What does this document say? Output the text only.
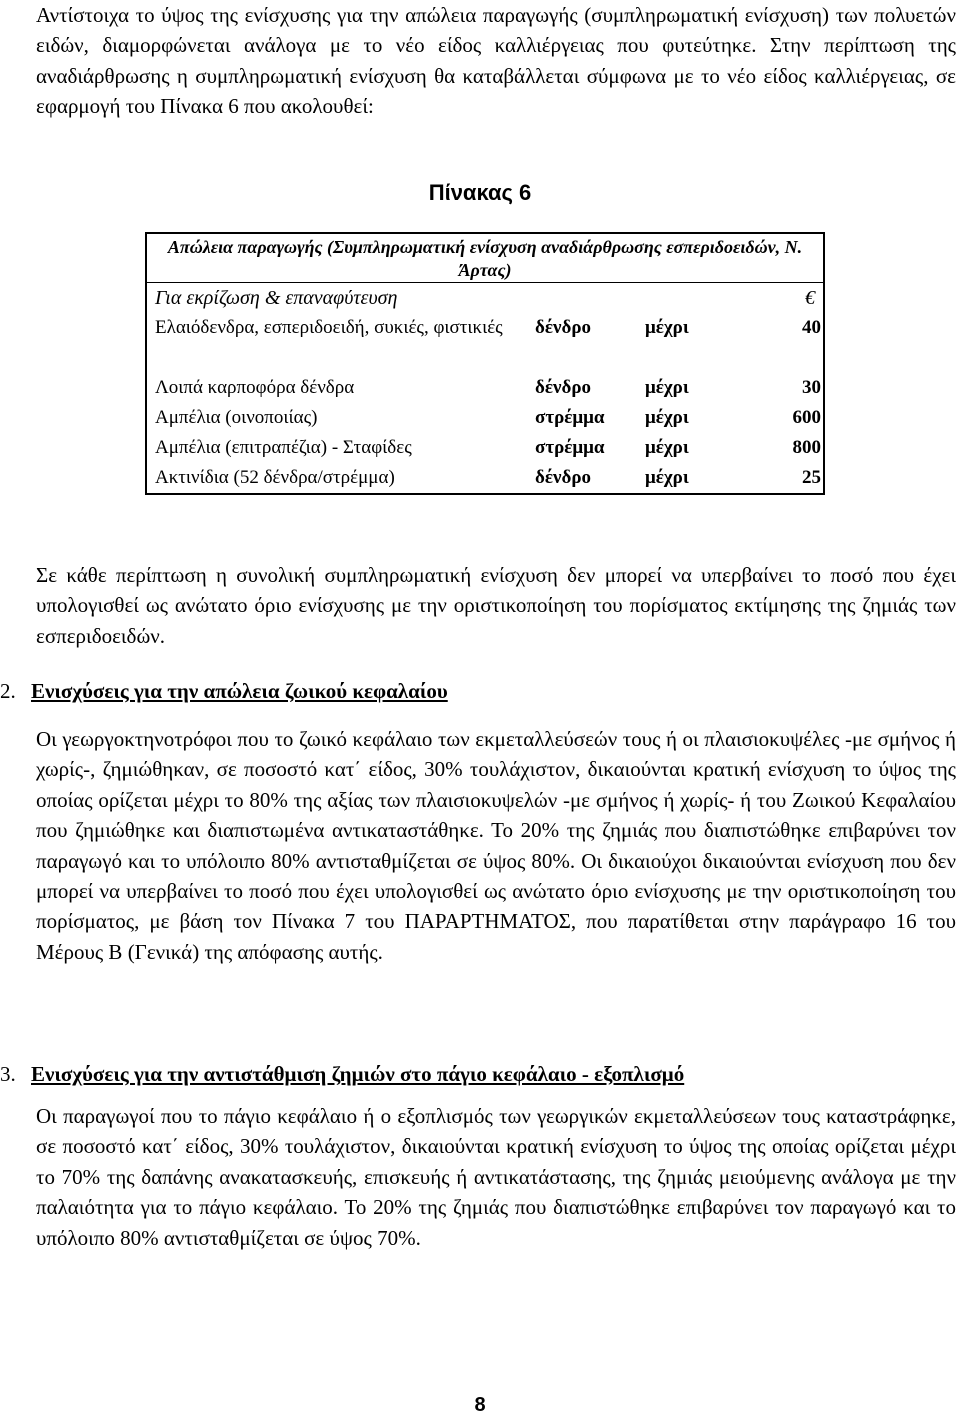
Αντίστοιχα το ύψος της ενίσχυσης για την απώλεια παραγωγής (συμπληρωματική ενίσχυση) των πολυετών ειδών, διαμορφώνεται ανάλογα με το νέο είδος καλλιέργειας που φυτεύτηκε. Στην περίπτωση της αναδιάρθρωσης η συμπληρωματική ενίσχυση θα καταβάλλεται σύμφωνα με το νέο είδος καλλιέργειας, σε εφαρμογή του Πίνακα 6 που ακολουθεί:

Πίνακας 6
Απώλεια παραγωγής (Συμπληρωματική ενίσχυση αναδιάρθρωσης εσπεριδοειδών, Ν. Άρτας)
Για εκρίζωση & επαναφύτευση	€
Ελαιόδενδρα, εσπεριδοειδή, συκιές, φιστικιές	δένδρο	μέχρι	40
Λοιπά καρποφόρα δένδρα	δένδρο	μέχρι	30
Αμπέλια (οινοποιίας)	στρέμμα	μέχρι	600
Αμπέλια (επιτραπέζια) - Σταφίδες	στρέμμα	μέχρι	800
Ακτινίδια (52 δένδρα/στρέμμα)	δένδρο	μέχρι	25

Σε κάθε περίπτωση η συνολική συμπληρωματική ενίσχυση δεν μπορεί να υπερβαίνει το ποσό που έχει υπολογισθεί ως ανώτατο όριο ενίσχυσης με την οριστικοποίηση του πορίσματος εκτίμησης της ζημιάς των εσπεριδοειδών.

2. Ενισχύσεις για την απώλεια ζωικού κεφαλαίου

Οι γεωργοκτηνοτρόφοι που το ζωικό κεφάλαιο των εκμεταλλεύσεών τους ή οι πλαισιοκυψέλες -με σμήνος ή χωρίς-, ζημιώθηκαν, σε ποσοστό κατ΄ είδος, 30% τουλάχιστον, δικαιούνται κρατική ενίσχυση το ύψος της οποίας ορίζεται μέχρι το 80% της αξίας των πλαισιοκυψελών -με σμήνος ή χωρίς- ή του Ζωικού Κεφαλαίου που ζημιώθηκε και διαπιστωμένα αντικαταστάθηκε. Το 20% της ζημιάς που διαπιστώθηκε επιβαρύνει τον παραγωγό και το υπόλοιπο 80% αντισταθμίζεται σε ύψος 80%. Οι δικαιούχοι δικαιούνται ενίσχυση που δεν μπορεί να υπερβαίνει το ποσό που έχει υπολογισθεί ως ανώτατο όριο ενίσχυσης με την οριστικοποίηση του πορίσματος, με βάση τον Πίνακα 7 του ΠΑΡΑΡΤΗΜΑΤΟΣ, που παρατίθεται στην παράγραφο 16 του Μέρους Β (Γενικά) της απόφασης αυτής.

3. Ενισχύσεις για την αντιστάθμιση ζημιών στο πάγιο κεφάλαιο - εξοπλισμό

Οι παραγωγοί που το πάγιο κεφάλαιο ή ο εξοπλισμός των γεωργικών εκμεταλλεύσεων τους καταστράφηκε, σε ποσοστό κατ΄ είδος, 30% τουλάχιστον, δικαιούνται κρατική ενίσχυση το ύψος της οποίας ορίζεται μέχρι το 70% της δαπάνης ανακατασκευής, επισκευής ή αντικατάστασης, της ζημιάς μειούμενης ανάλογα με την παλαιότητα για το πάγιο κεφάλαιο. Το 20% της ζημιάς που διαπιστώθηκε επιβαρύνει τον παραγωγό και το υπόλοιπο 80% αντισταθμίζεται σε ύψος 70%.

8
